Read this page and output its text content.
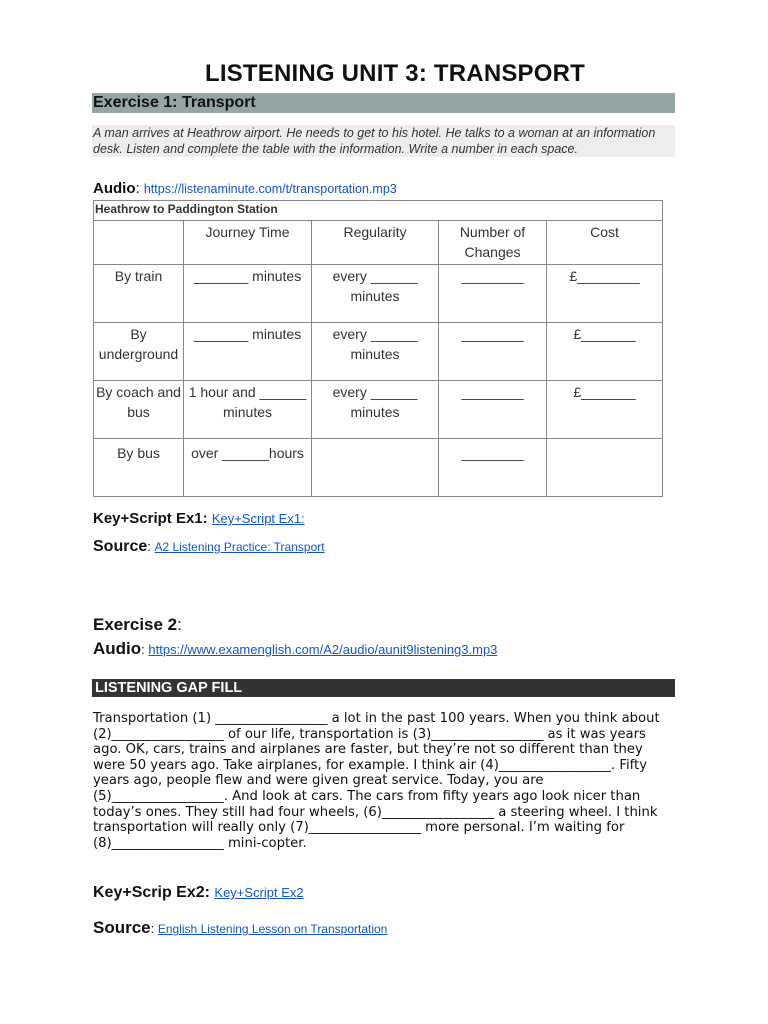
LISTENING UNIT 3: TRANSPORT
Exercise 1: Transport
A man arrives at Heathrow airport. He needs to get to his hotel. He talks to a woman at an information desk. Listen and complete the table with the information. Write a number in each space.
Audio: https://listenaminute.com/t/transportation.mp3
Heathrow to Paddington Station				
	Journey Time	Regularity	Number of Changes	Cost
By train	_______ minutes	every ______ minutes	________	£________
By underground	_______ minutes	every ______ minutes	________	£_______
By coach and bus	1 hour and ______ minutes	every ______ minutes	________	£_______
By bus	over ______hours		________	
Key+Script Ex1: Key+Script Ex1:
Source: A2 Listening Practice: Transport
Exercise 2:
Audio: https://www.examenglish.com/A2/audio/aunit9listening3.mp3
LISTENING GAP FILL

Transportation (1) _________________ a lot in the past 100 years. When you think about (2)_________________ of our life, transportation is (3)_________________ as it was years ago. OK, cars, trains and airplanes are faster, but they’re not so different than they were 50 years ago. Take airplanes, for example. I think air (4)_________________. Fifty years ago, people flew and were given great service. Today, you are (5)_________________. And look at cars. The cars from fifty years ago look nicer than today’s ones. They still had four wheels, (6)_________________ a steering wheel. I think transportation will really only (7)_________________ more personal. I’m waiting for (8)_________________ mini-copter.

Key+Scrip Ex2: Key+Script Ex2
Source: English Listening Lesson on Transportation
